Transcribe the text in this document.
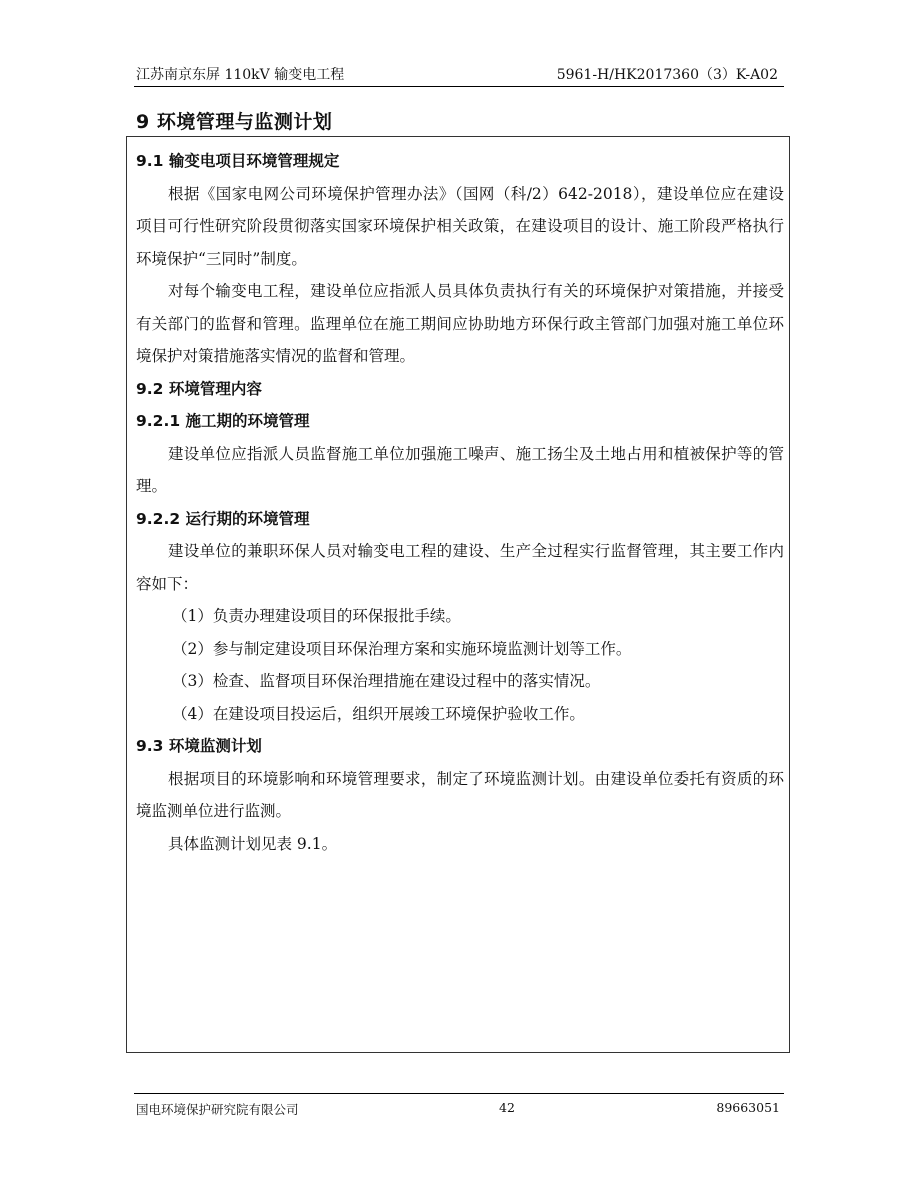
江苏南京东屏 110kV 输变电工程	5961-H/HK2017360（3）K-A02
9 环境管理与监测计划

9.1 输变电项目环境管理规定

根据《国家电网公司环境保护管理办法》（国网（科/2）642-2018），建设单位应在建设项目可行性研究阶段贯彻落实国家环境保护相关政策，在建设项目的设计、施工阶段严格执行环境保护“三同时”制度。

对每个输变电工程，建设单位应指派人员具体负责执行有关的环境保护对策措施，并接受有关部门的监督和管理。监理单位在施工期间应协助地方环保行政主管部门加强对施工单位环境保护对策措施落实情况的监督和管理。

9.2 环境管理内容

9.2.1 施工期的环境管理

建设单位应指派人员监督施工单位加强施工噪声、施工扬尘及土地占用和植被保护等的管理。

9.2.2 运行期的环境管理

建设单位的兼职环保人员对输变电工程的建设、生产全过程实行监督管理，其主要工作内容如下：

（1）负责办理建设项目的环保报批手续。

（2）参与制定建设项目环保治理方案和实施环境监测计划等工作。

（3）检查、监督项目环保治理措施在建设过程中的落实情况。

（4）在建设项目投运后，组织开展竣工环境保护验收工作。

9.3 环境监测计划

根据项目的环境影响和环境管理要求，制定了环境监测计划。由建设单位委托有资质的环境监测单位进行监测。

具体监测计划见表 9.1。

国电环境保护研究院有限公司	42	89663051
